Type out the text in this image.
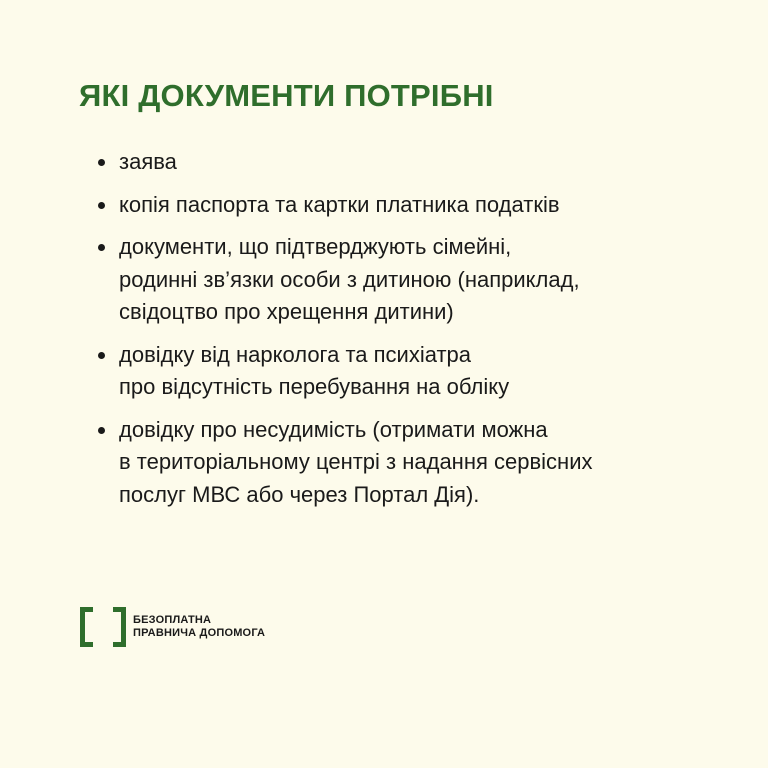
ЯКІ ДОКУМЕНТИ ПОТРІБНІ
заява
копія паспорта та картки платника податків
документи, що підтверджують сімейні,
родинні зв’язки особи з дитиною (наприклад,
свідоцтво про хрещення дитини)
довідку від нарколога та психіатра
про відсутність перебування на обліку
довідку про несудимість (отримати можна
в територіальному центрі з надання сервісних
послуг МВС або через Портал Дія).
БЕЗОПЛАТНА
ПРАВНИЧА ДОПОМОГА
